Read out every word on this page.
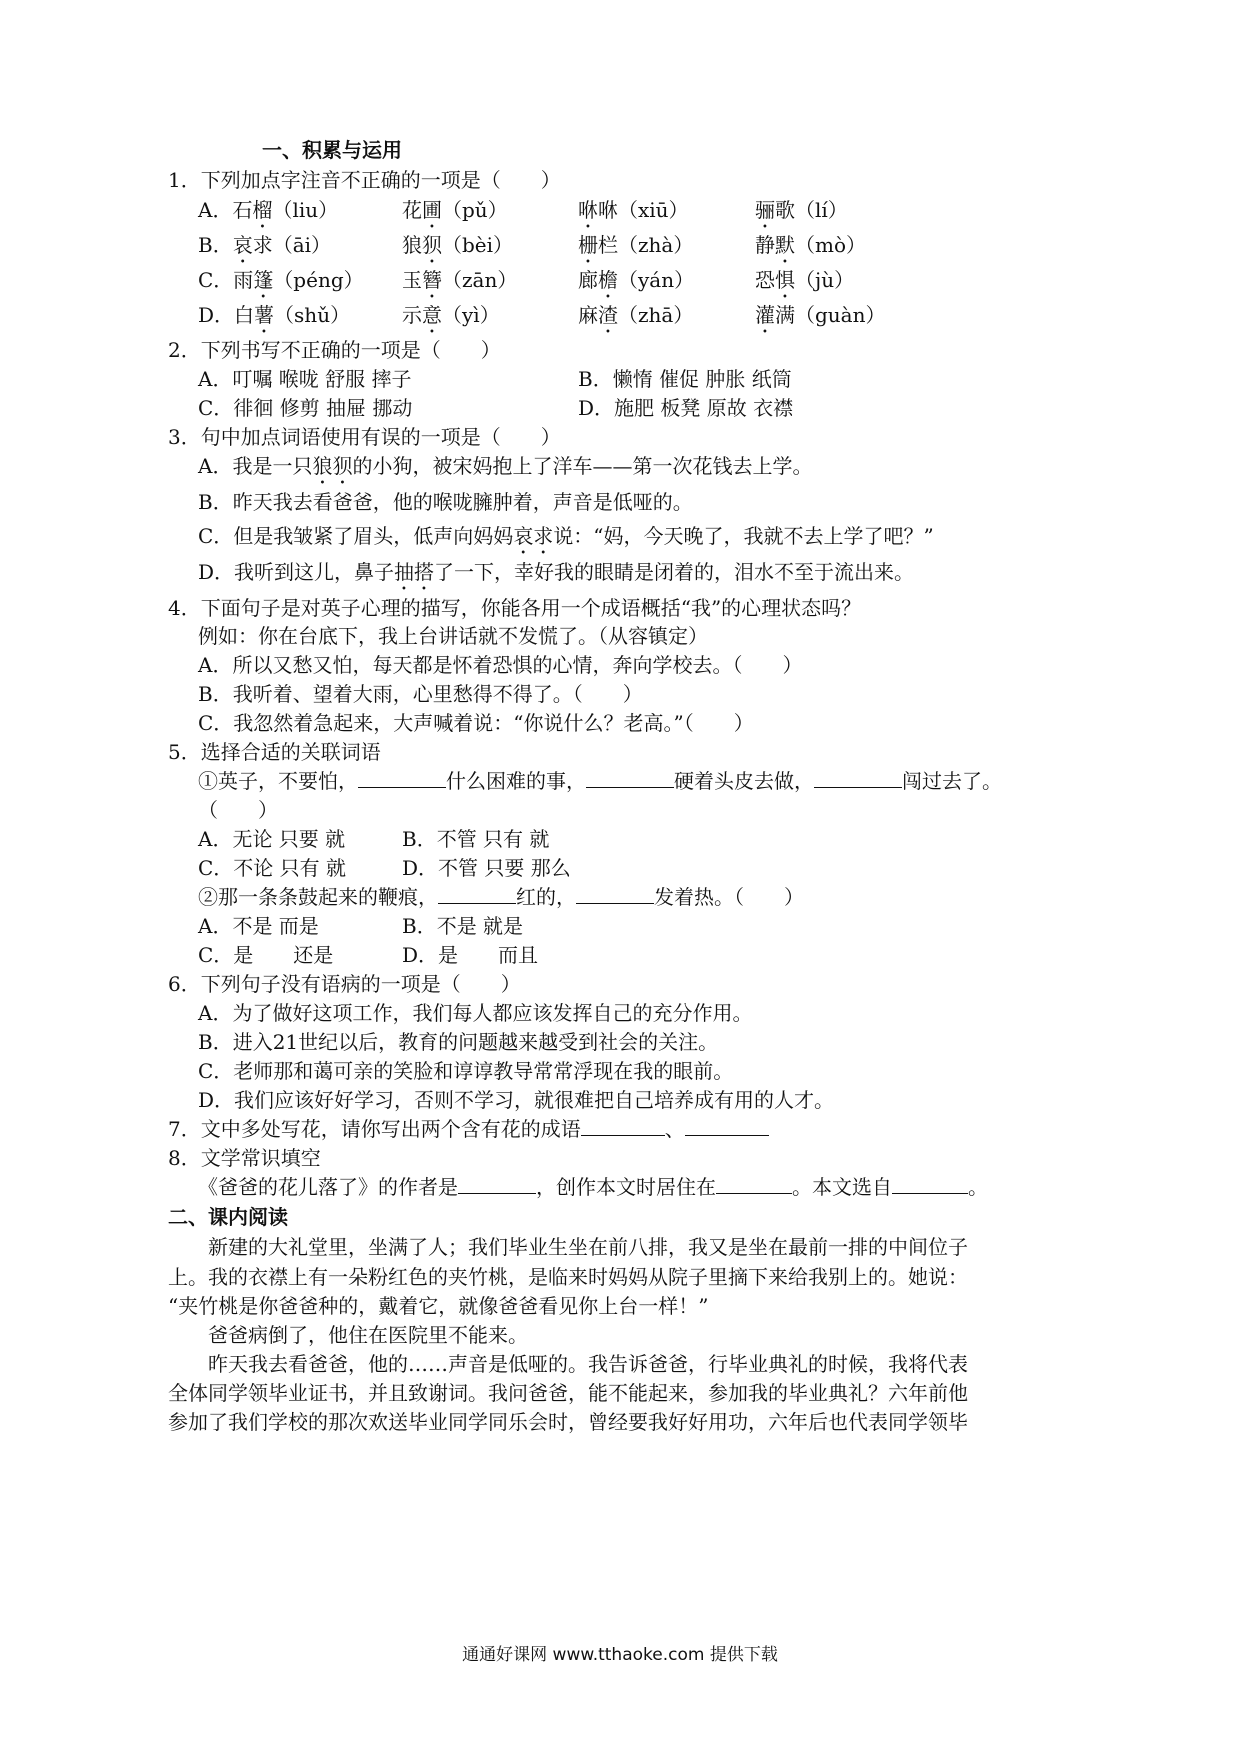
一、积累与运用
1．下列加点字注音不正确的一项是（　　）
A．石榴（liu）	花圃（pǔ）	咻咻（xiū）	骊歌（lí）
B．哀求（āi）	狼狈（bèi）	栅栏（zhà）	静默（mò）
C．雨篷（péng） 玉簪（zān）	廊檐（yán）	恐惧（jù）
D．白薯（shǔ）	示意（yì）	麻渣（zhā）	灌满（guàn）
2．下列书写不正确的一项是（　　）
A．叮嘱 喉咙 舒服 摔子	B．懒惰 催促 肿胀 纸筒
C．徘徊 修剪 抽屉 挪动	D．施肥 板凳 原故 衣襟
3．句中加点词语使用有误的一项是（　　）
A．我是一只狼狈的小狗，被宋妈抱上了洋车——第一次花钱去上学。
B．昨天我去看爸爸，他的喉咙臃肿着，声音是低哑的。
C．但是我皱紧了眉头，低声向妈妈哀求说：“妈，今天晚了，我就不去上学了吧？”
D．我听到这儿，鼻子抽搭了一下，幸好我的眼睛是闭着的，泪水不至于流出来。
4．下面句子是对英子心理的描写，你能各用一个成语概括“我”的心理状态吗？
例如：你在台底下，我上台讲话就不发慌了。（从容镇定）
A．所以又愁又怕，每天都是怀着恐惧的心情，奔向学校去。（　　）
B．我听着、望着大雨，心里愁得不得了。（　　）
C．我忽然着急起来，大声喊着说：“你说什么？老高。”（　　）
5．选择合适的关联词语
①英子，不要怕，	什么困难的事，	硬着头皮去做，	闯过去了。
（　　）
A．无论 只要 就	B．不管 只有 就
C．不论 只有 就	D．不管 只要 那么
②那一条条鼓起来的鞭痕，	红的，	发着热。（　　）
A．不是 而是	B．不是 就是
C．是　　还是	D．是　　而且
6．下列句子没有语病的一项是（　　）
A．为了做好这项工作，我们每人都应该发挥自己的充分作用。
B．进入21世纪以后，教育的问题越来越受到社会的关注。
C．老师那和蔼可亲的笑脸和谆谆教导常常浮现在我的眼前。
D．我们应该好好学习，否则不学习，就很难把自己培养成有用的人才。
7．文中多处写花，请你写出两个含有花的成语	、
8．文学常识填空
《爸爸的花儿落了》的作者是	，创作本文时居住在	。本文选自	。
二、课内阅读
新建的大礼堂里，坐满了人；我们毕业生坐在前八排，我又是坐在最前一排的中间位子
上。我的衣襟上有一朵粉红色的夹竹桃，是临来时妈妈从院子里摘下来给我别上的。她说：
“夹竹桃是你爸爸种的，戴着它，就像爸爸看见你上台一样！”
爸爸病倒了，他住在医院里不能来。
昨天我去看爸爸，他的……声音是低哑的。我告诉爸爸，行毕业典礼的时候，我将代表
全体同学领毕业证书，并且致谢词。我问爸爸，能不能起来，参加我的毕业典礼？六年前他
参加了我们学校的那次欢送毕业同学同乐会时，曾经要我好好用功，六年后也代表同学领毕
通通好课网 www.tthaoke.com 提供下载
